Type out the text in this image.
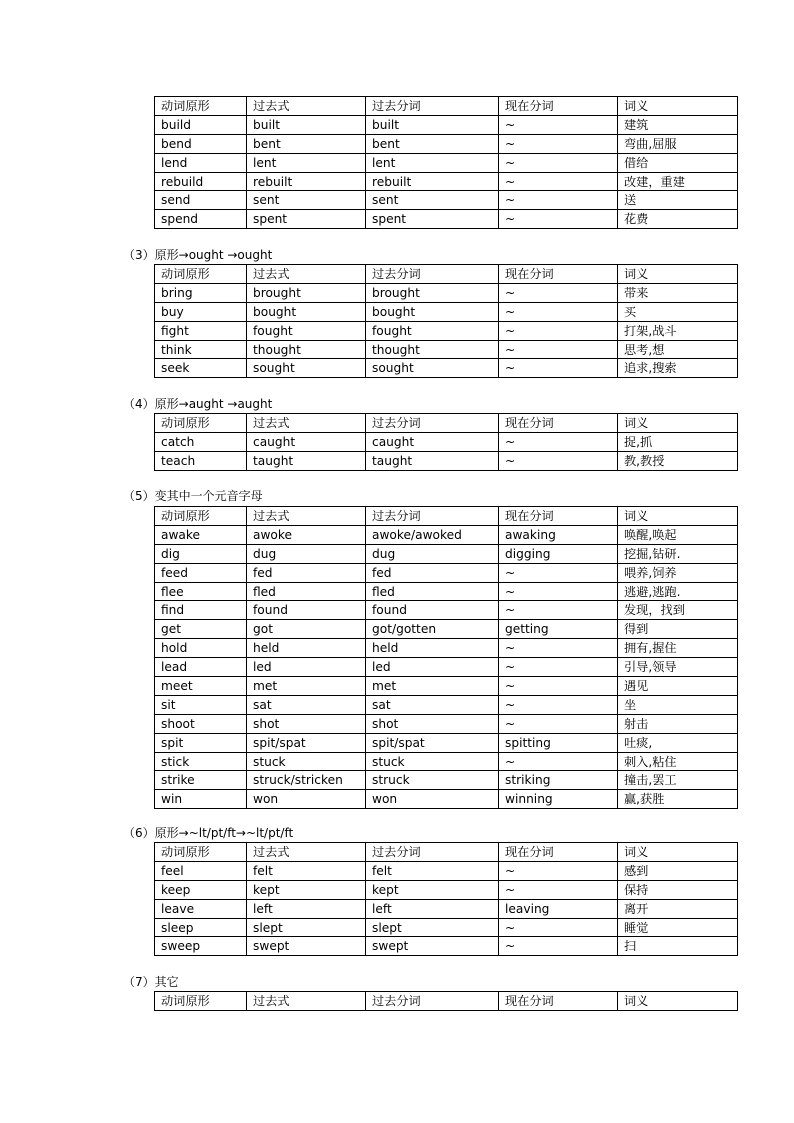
动词原形	过去式	过去分词	现在分词	词义
build	built	built	~	建筑
bend	bent	bent	~	弯曲,屈服
lend	lent	lent	~	借给
rebuild	rebuilt	rebuilt	~	改建，重建
send	sent	sent	~	送
spend	spent	spent	~	花费
（3）原形→ought →ought
动词原形	过去式	过去分词	现在分词	词义
bring	brought	brought	~	带来
buy	bought	bought	~	买
fight	fought	fought	~	打架,战斗
think	thought	thought	~	思考,想
seek	sought	sought	~	追求,搜索
（4）原形→aught →aught
动词原形	过去式	过去分词	现在分词	词义
catch	caught	caught	~	捉,抓
teach	taught	taught	~	教,教授
（5）变其中一个元音字母
动词原形	过去式	过去分词	现在分词	词义
awake	awoke	awoke/awoked	awaking	唤醒,唤起
dig	dug	dug	digging	挖掘,钻研.
feed	fed	fed	~	喂养,饲养
flee	fled	fled	~	逃避,逃跑.
find	found	found	~	发现，找到
get	got	got/gotten	getting	得到
hold	held	held	~	拥有,握住
lead	led	led	~	引导,领导
meet	met	met	~	遇见
sit	sat	sat	~	坐
shoot	shot	shot	~	射击
spit	spit/spat	spit/spat	spitting	吐痰,
stick	stuck	stuck	~	刺入,粘住
strike	struck/stricken	struck	striking	撞击,罢工
win	won	won	winning	赢,获胜
（6）原形→~lt/pt/ft→~lt/pt/ft
动词原形	过去式	过去分词	现在分词	词义
feel	felt	felt	~	感到
keep	kept	kept	~	保持
leave	left	left	leaving	离开
sleep	slept	slept	~	睡觉
sweep	swept	swept	~	扫
（7）其它
动词原形	过去式	过去分词	现在分词	词义
